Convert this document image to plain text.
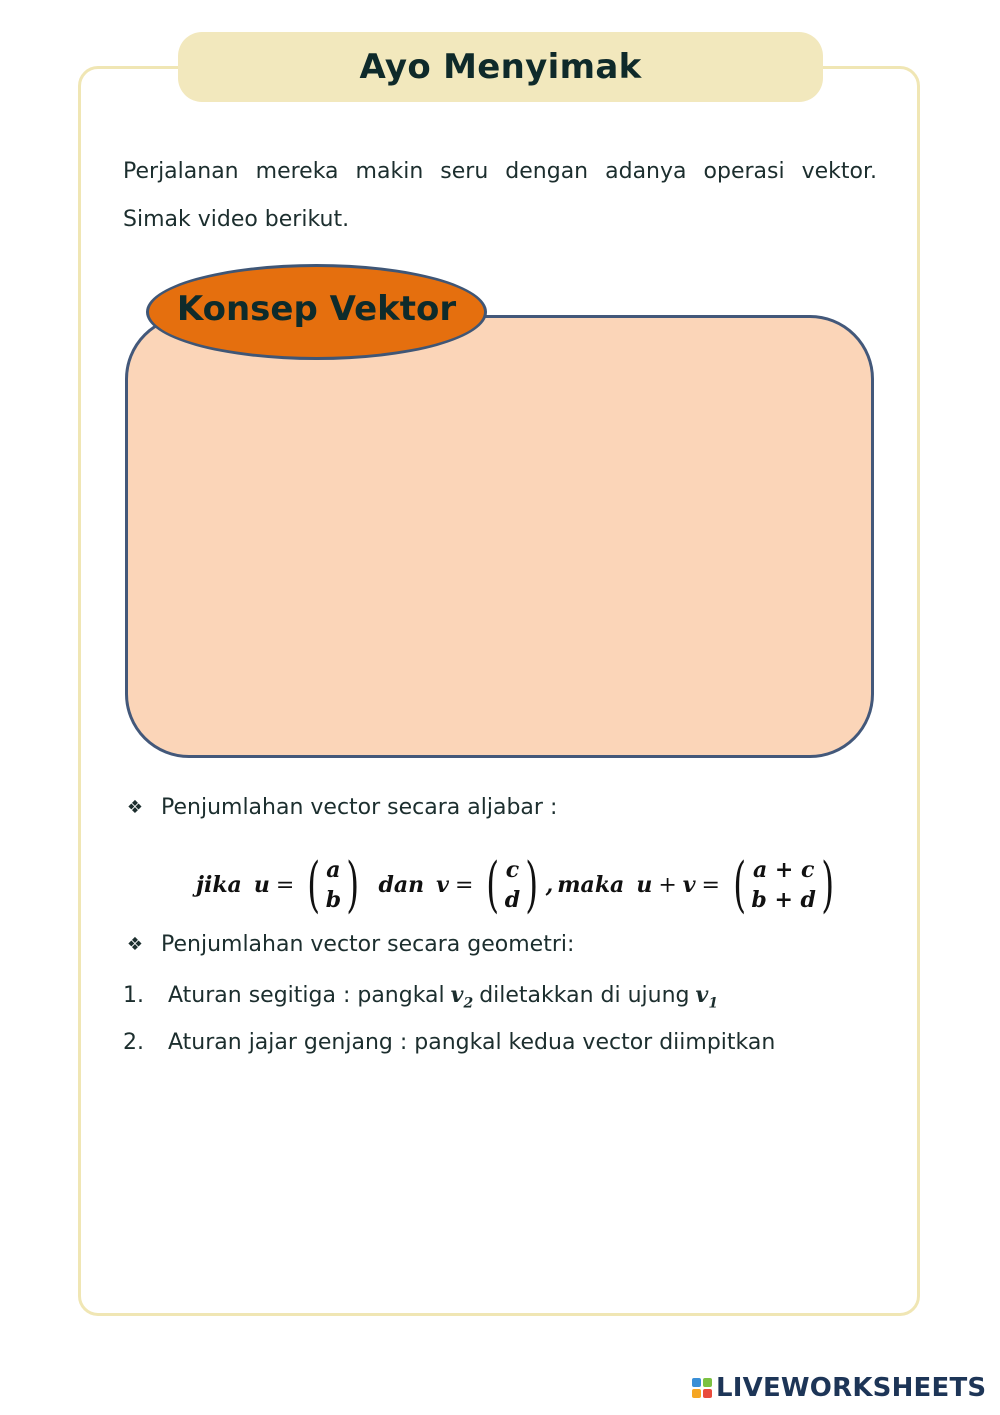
Ayo Menyimak
Perjalanan mereka makin seru dengan adanya operasi vektor. Simak video berikut.
Konsep Vektor
❖ Penjumlahan vector secara aljabar :
jika u = ( a
b ) dan v = ( c
d ) , maka u + v = ( a + c
b + d )
❖ Penjumlahan vector secara geometri:
1.	Aturan segitiga : pangkal $v_2$ diletakkan di ujung $v_1$
2.	Aturan jajar genjang : pangkal kedua vector diimpitkan
LIVEWORKSHEETS
